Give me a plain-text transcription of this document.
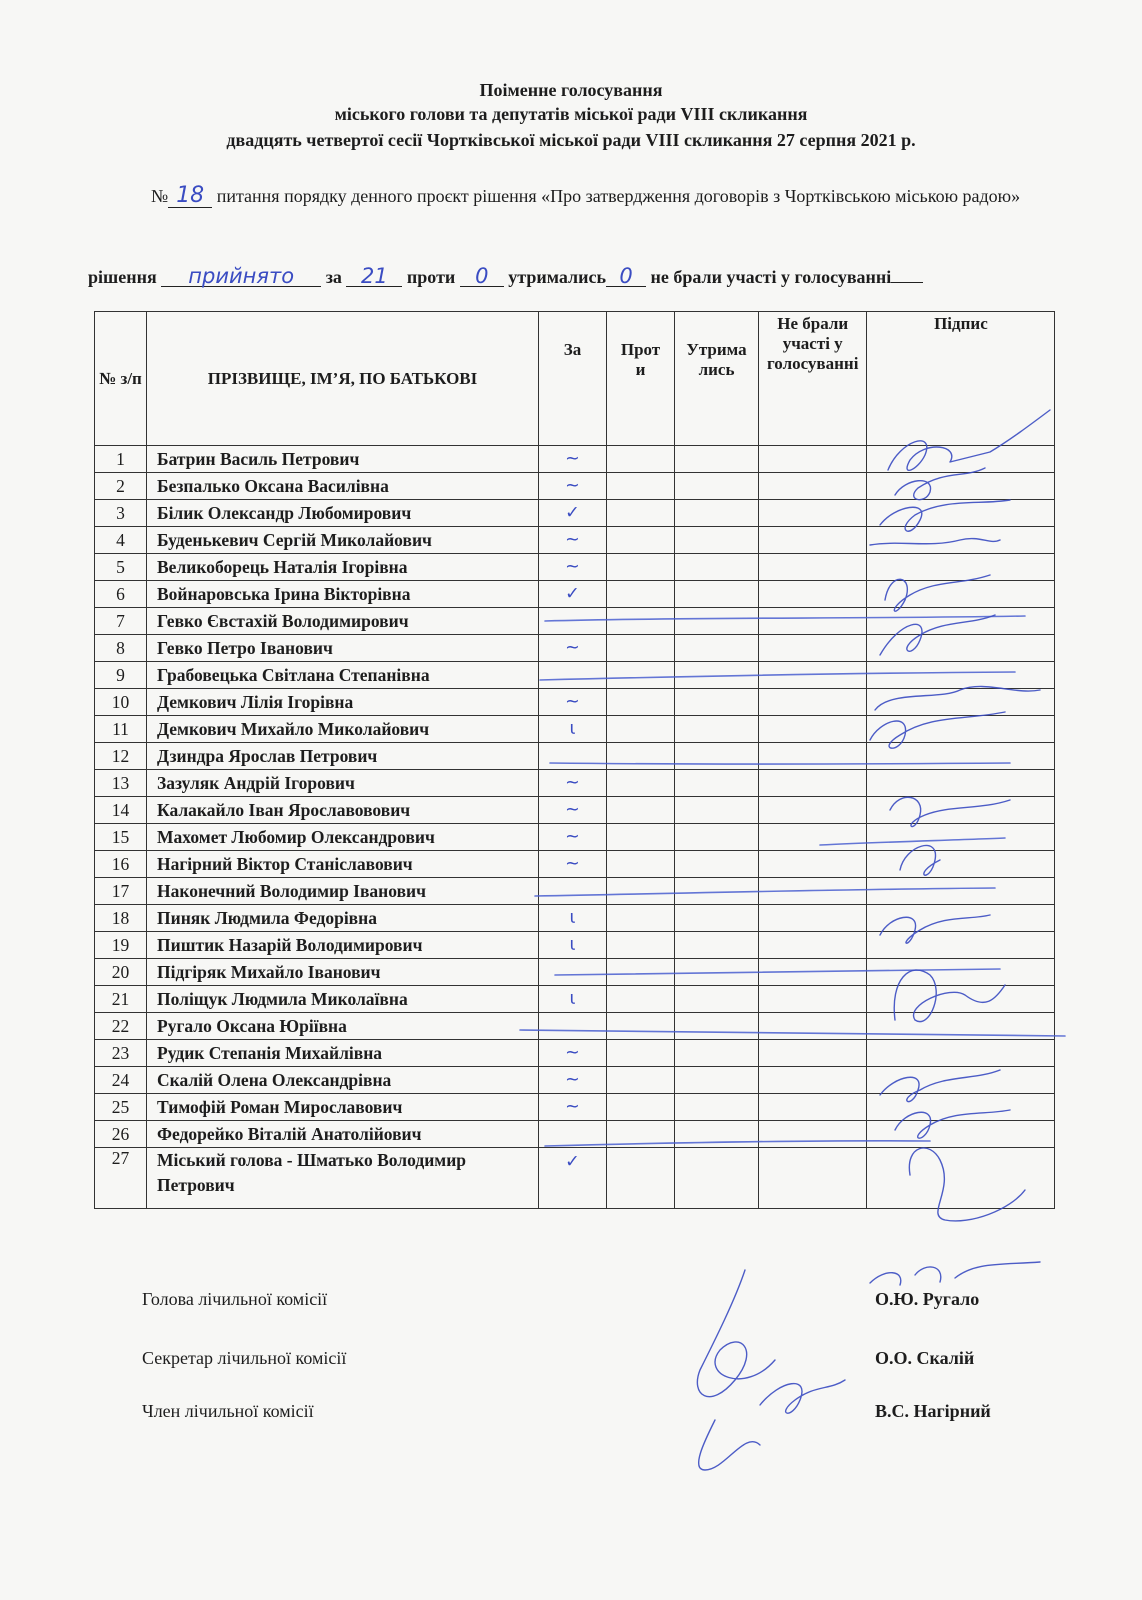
Поіменне голосування
міського голови та депутатів міської ради VIII скликання
двадцять четвертої сесії Чортківської міської ради VIII скликання 27 серпня 2021 р.
№ 18 питання порядку денного проєкт рішення «Про затвердження договорів з Чортківською міською радою»
рішення прийнято за 21 проти 0 утримались 0 не брали участі у голосуванні
№ з/п	ПРІЗВИЩЕ, ІМ’Я, ПО БАТЬКОВІ	За	Проти	Утримались	Не брали участі у голосуванні	Підпис
1	Батрин Василь Петрович	~				
2	Безпалько Оксана Василівна	~				
3	Білик Олександр Любомирович	✓				
4	Буденькевич Сергій Миколайович	~				
5	Великоборець Наталія Ігорівна	~				
6	Войнаровська Ірина Вікторівна	✓				
7	Гевко Євстахій Володимирович					
8	Гевко Петро Іванович	~				
9	Грабовецька Світлана Степанівна					
10	Демкович Лілія Ігорівна	~				
11	Демкович Михайло Миколайович	ι				
12	Дзиндра Ярослав Петрович					
13	Зазуляк Андрій Ігорович	~				
14	Калакайло Іван Ярославовович	~				
15	Махомет Любомир Олександрович	~				
16	Нагірний Віктор Станіславович	~				
17	Наконечний Володимир Іванович					
18	Пиняк Людмила Федорівна	ι				
19	Пиштик Назарій Володимирович	ι				
20	Підгіряк Михайло Іванович					
21	Поліщук Людмила Миколаївна	ι				
22	Ругало Оксана Юріївна					
23	Рудик Степанія Михайлівна	~				
24	Скалій Олена Олександрівна	~				
25	Тимофій Роман Мирославович	~				
26	Федорейко Віталій Анатолійович					
27	Міський голова - Шматько Володимир Петрович	✓				
Голова лічильної комісії	О.Ю. Ругало
Секретар лічильної комісії	О.О. Скалій
Член лічильної комісії	В.С. Нагірний
